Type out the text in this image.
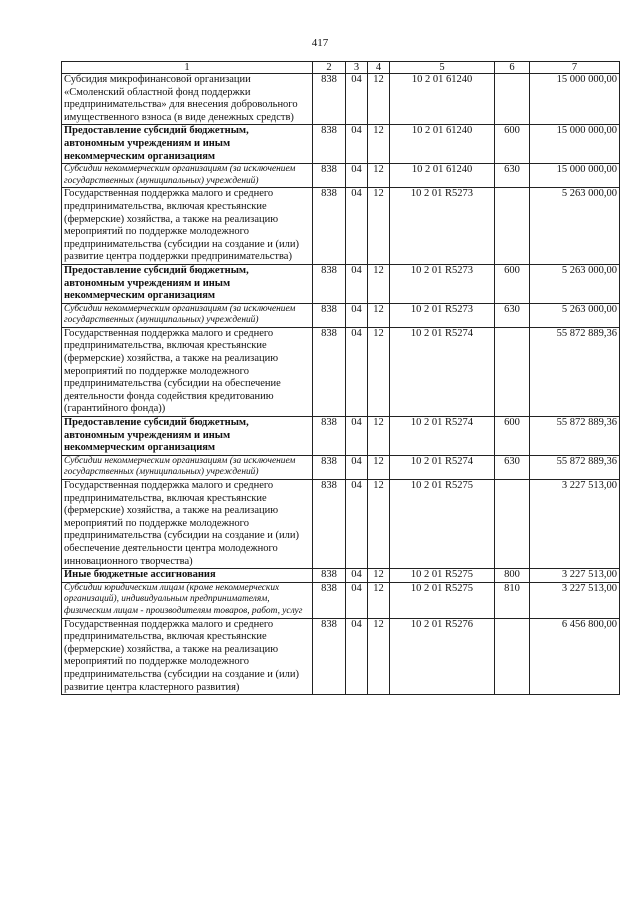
417
1	2	3	4	5	6	7
Субсидия микрофинансовой организации «Смоленский областной фонд поддержки предпринимательства» для внесения добровольного имущественного взноса (в виде денежных средств)	838	04	12	10 2 01 61240		15 000 000,00
Предоставление субсидий бюджетным, автономным учреждениям и иным некоммерческим организациям	838	04	12	10 2 01 61240	600	15 000 000,00
Субсидии некоммерческим организациям (за исключением государственных (муниципальных) учреждений)	838	04	12	10 2 01 61240	630	15 000 000,00
Государственная поддержка малого и среднего предпринимательства, включая крестьянские (фермерские) хозяйства, а также на реализацию мероприятий по поддержке молодежного предпринимательства (субсидии на создание и (или) развитие центра поддержки предпринимательства)	838	04	12	10 2 01 R5273		5 263 000,00
Предоставление субсидий бюджетным, автономным учреждениям и иным некоммерческим организациям	838	04	12	10 2 01 R5273	600	5 263 000,00
Субсидии некоммерческим организациям (за исключением государственных (муниципальных) учреждений)	838	04	12	10 2 01 R5273	630	5 263 000,00
Государственная поддержка малого и среднего предпринимательства, включая крестьянские (фермерские) хозяйства, а также на реализацию мероприятий по поддержке молодежного предпринимательства (субсидии на обеспечение деятельности фонда содействия кредитованию (гарантийного фонда))	838	04	12	10 2 01 R5274		55 872 889,36
Предоставление субсидий бюджетным, автономным учреждениям и иным некоммерческим организациям	838	04	12	10 2 01 R5274	600	55 872 889,36
Субсидии некоммерческим организациям (за исключением государственных (муниципальных) учреждений)	838	04	12	10 2 01 R5274	630	55 872 889,36
Государственная поддержка малого и среднего предпринимательства, включая крестьянские (фермерские) хозяйства, а также на реализацию мероприятий по поддержке молодежного предпринимательства (субсидии на создание и (или) обеспечение деятельности центра молодежного инновационного творчества)	838	04	12	10 2 01 R5275		3 227 513,00
Иные бюджетные ассигнования	838	04	12	10 2 01 R5275	800	3 227 513,00
Субсидии юридическим лицам (кроме некоммерческих организаций), индивидуальным предпринимателям, физическим лицам - производителям товаров, работ, услуг	838	04	12	10 2 01 R5275	810	3 227 513,00
Государственная поддержка малого и среднего предпринимательства, включая крестьянские (фермерские) хозяйства, а также на реализацию мероприятий по поддержке молодежного предпринимательства (субсидии на создание и (или) развитие центра кластерного развития)	838	04	12	10 2 01 R5276		6 456 800,00
